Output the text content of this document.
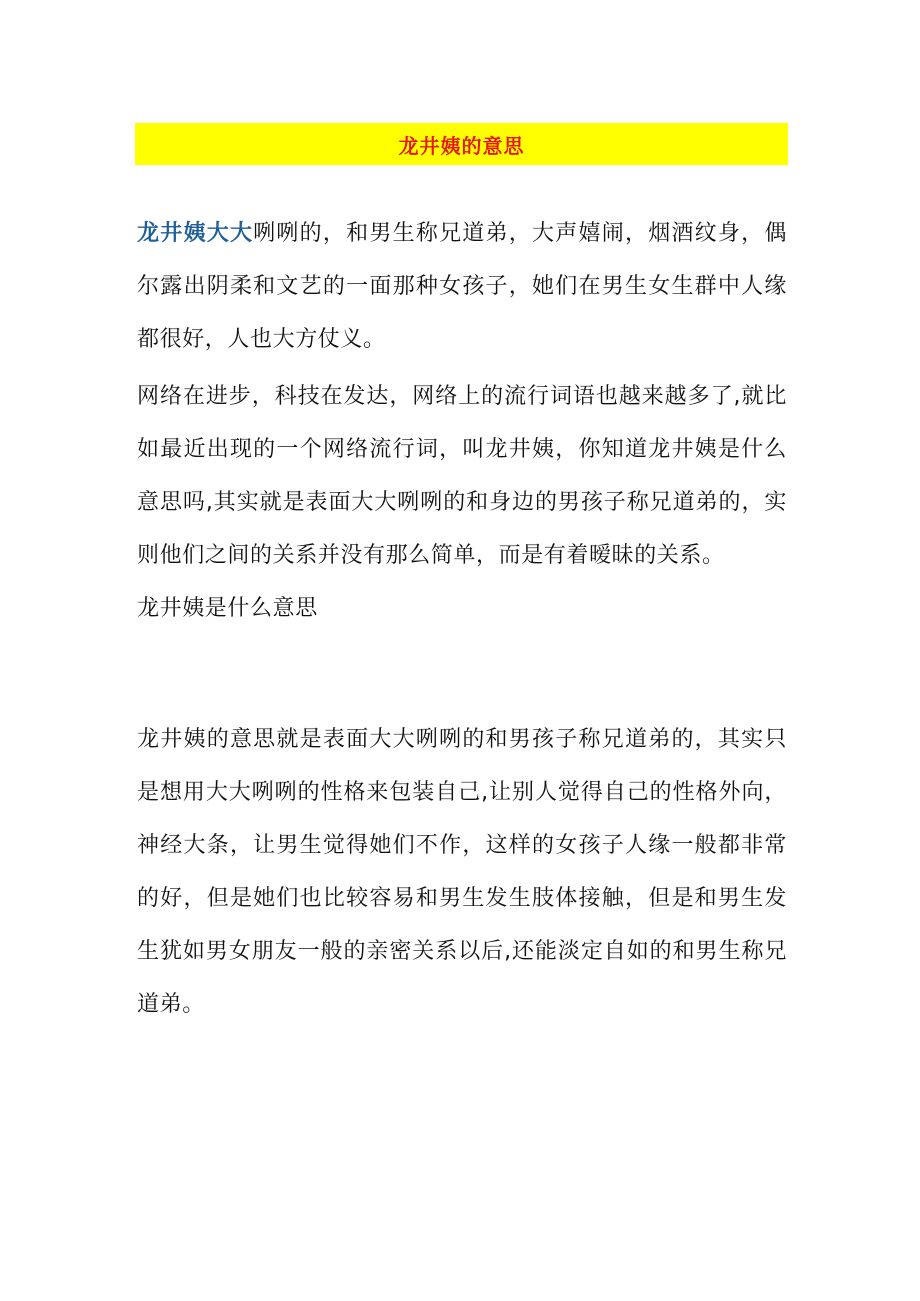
龙井姨的意思

龙井姨大大咧咧的，和男生称兄道弟，大声嬉闹，烟酒纹身，偶尔露出阴柔和文艺的一面那种女孩子，她们在男生女生群中人缘都很好，人也大方仗义。

网络在进步，科技在发达，网络上的流行词语也越来越多了,就比如最近出现的一个网络流行词，叫龙井姨，你知道龙井姨是什么意思吗,其实就是表面大大咧咧的和身边的男孩子称兄道弟的，实则他们之间的关系并没有那么简单，而是有着暧昧的关系。

龙井姨是什么意思

龙井姨的意思就是表面大大咧咧的和男孩子称兄道弟的，其实只是想用大大咧咧的性格来包装自己,让别人觉得自己的性格外向，神经大条，让男生觉得她们不作，这样的女孩子人缘一般都非常的好，但是她们也比较容易和男生发生肢体接触，但是和男生发生犹如男女朋友一般的亲密关系以后,还能淡定自如的和男生称兄道弟。
